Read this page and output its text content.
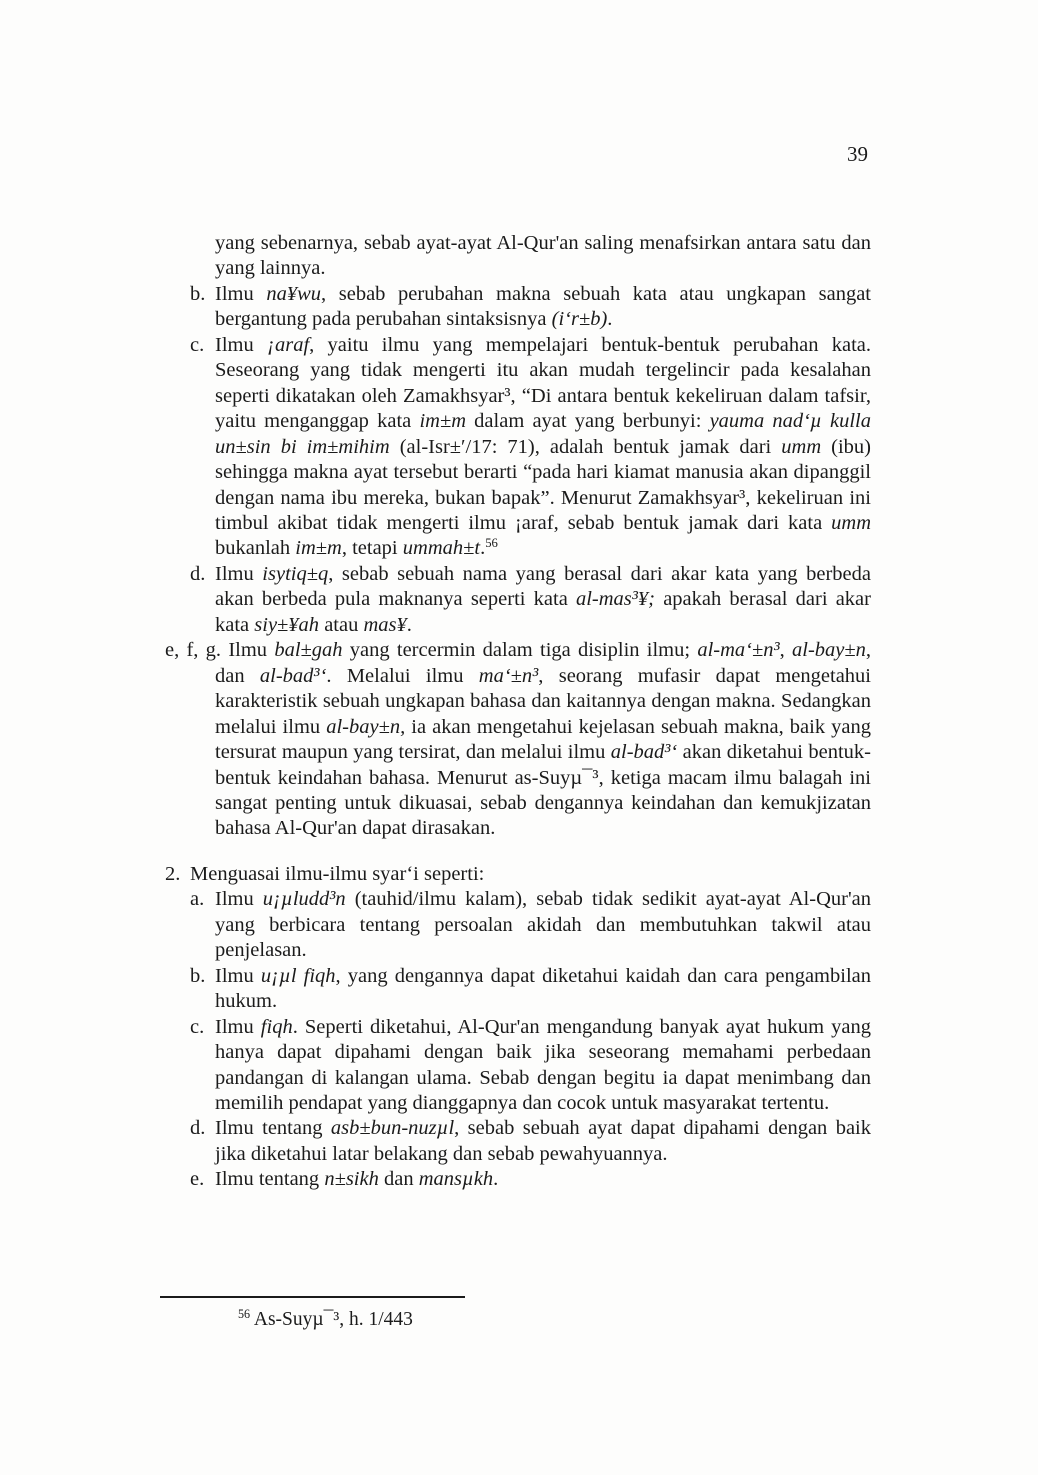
39
yang sebenarnya, sebab ayat-ayat Al-Qur'an saling menafsirkan antara satu dan yang lainnya.
b. Ilmu na¥wu, sebab perubahan makna sebuah kata atau ungkapan sangat bergantung pada perubahan sintaksisnya (i‘r±b).
c. Ilmu ¡araf, yaitu ilmu yang mempelajari bentuk-bentuk perubahan kata. Seseorang yang tidak mengerti itu akan mudah tergelincir pada kesalahan seperti dikatakan oleh Zamakhsyar³, “Di antara bentuk kekeliruan dalam tafsir, yaitu menganggap kata im±m dalam ayat yang berbunyi: yauma nad‘µ kulla un±sin bi im±mihim (al-Isr±′/17: 71), adalah bentuk jamak dari umm (ibu) sehingga makna ayat tersebut berarti “pada hari kiamat manusia akan dipanggil dengan nama ibu mereka, bukan bapak”. Menurut Zamakhsyar³, kekeliruan ini timbul akibat tidak mengerti ilmu ¡araf, sebab bentuk jamak dari kata umm bukanlah im±m, tetapi ummah±t.$^{56}$
d. Ilmu isytiq±q, sebab sebuah nama yang berasal dari akar kata yang berbeda akan berbeda pula maknanya seperti kata al-mas³¥; apakah berasal dari akar kata siy±¥ah atau mas¥.
e, f, g. Ilmu bal±gah yang tercermin dalam tiga disiplin ilmu; al-ma‘±n³, al-bay±n, dan al-bad³‘. Melalui ilmu ma‘±n³, seorang mufasir dapat mengetahui karakteristik sebuah ungkapan bahasa dan kaitannya dengan makna. Sedangkan melalui ilmu al-bay±n, ia akan mengetahui kejelasan sebuah makna, baik yang tersurat maupun yang tersirat, dan melalui ilmu al-bad³‘ akan diketahui bentuk-bentuk keindahan bahasa. Menurut as-Suyµ¯³, ketiga macam ilmu balagah ini sangat penting untuk dikuasai, sebab dengannya keindahan dan kemukjizatan bahasa Al-Qur'an dapat dirasakan.
2. Menguasai ilmu-ilmu syar‘i seperti:
a. Ilmu u¡µludd³n (tauhid/ilmu kalam), sebab tidak sedikit ayat-ayat Al-Qur'an yang berbicara tentang persoalan akidah dan membutuhkan takwil atau penjelasan.
b. Ilmu u¡µl fiqh, yang dengannya dapat diketahui kaidah dan cara pengambilan hukum.
c. Ilmu fiqh. Seperti diketahui, Al-Qur'an mengandung banyak ayat hukum yang hanya dapat dipahami dengan baik jika seseorang memahami perbedaan pandangan di kalangan ulama. Sebab dengan begitu ia dapat menimbang dan memilih pendapat yang dianggapnya dan cocok untuk masyarakat tertentu.
d. Ilmu tentang asb±bun-nuzµl, sebab sebuah ayat dapat dipahami dengan baik jika diketahui latar belakang dan sebab pewahyuannya.
e. Ilmu tentang n±sikh dan mansµkh.
$^{56}$ As-Suyµ¯³, h. 1/443
